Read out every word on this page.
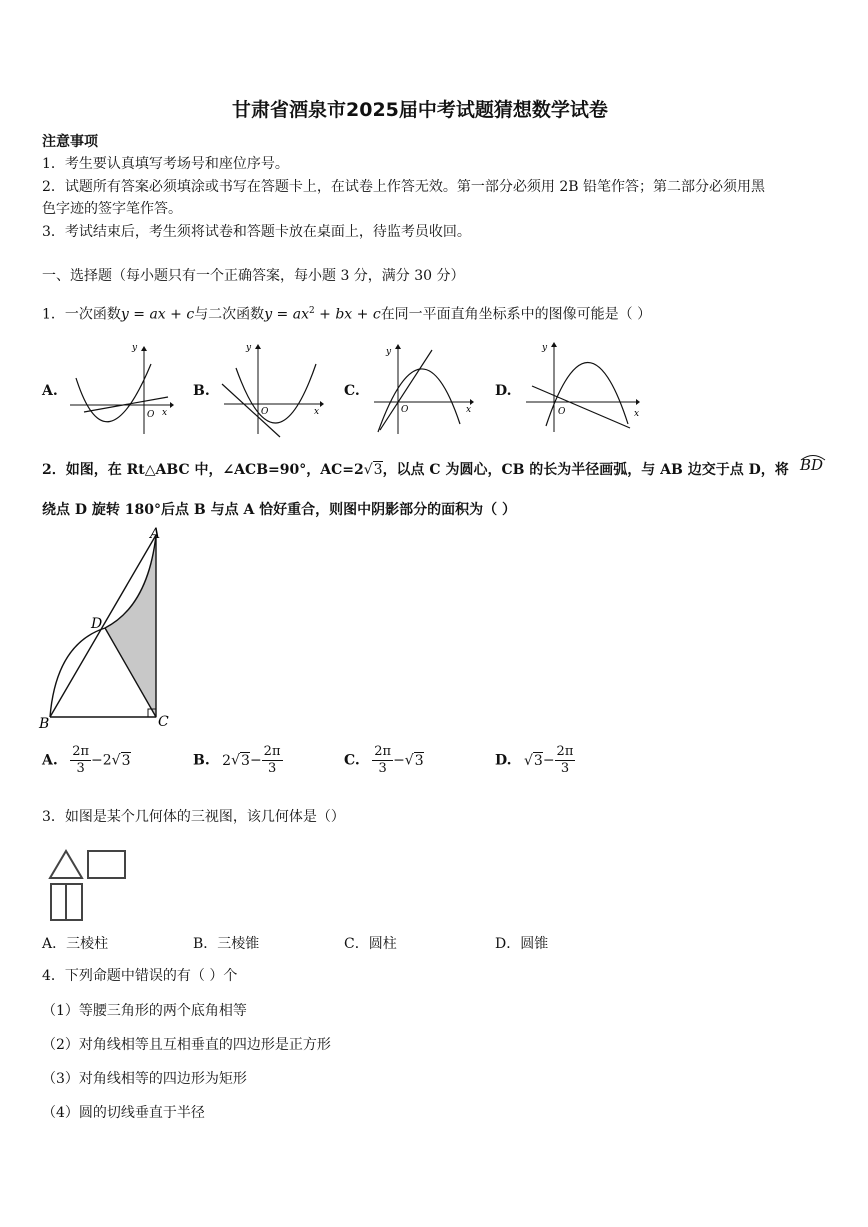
甘肃省酒泉市2025届中考试题猜想数学试卷
注意事项
1．考生要认真填写考场号和座位序号。
2．试题所有答案必须填涂或书写在答题卡上，在试卷上作答无效。第一部分必须用 2B 铅笔作答；第二部分必须用黑
色字迹的签字笔作答。
3．考试结束后，考生须将试卷和答题卡放在桌面上，待监考员收回。
一、选择题（每小题只有一个正确答案，每小题 3 分，满分 30 分）
1．一次函数y = ax + c与二次函数$y = ax^2$ + bx + c在同一平面直角坐标系中的图像可能是（ ）
A.	B.	C.	D.
y
x
O
y
x
O
y
x
O
y
x
O
2．如图，在 Rt△ABC 中，∠ACB=90°，AC=2√3，以点 C 为圆心，CB 的长为半径画弧，与 AB 边交于点 D，将 BD
绕点 D 旋转 180°后点 B 与点 A 恰好重合，则图中阴影部分的面积为（ ）
A
D
B	C
A. $\frac{2\pi}{3} -2√3$	B. $2√3- \frac{2\pi}{3}$	C. $\frac{2\pi}{3} -√3$	D. $√3- \frac{2\pi}{3}$
3．如图是某个几何体的三视图，该几何体是（）
A．三棱柱	B．三棱锥	C．圆柱	D．圆锥
4．下列命题中错误的有（ ）个
（1）等腰三角形的两个底角相等
（2）对角线相等且互相垂直的四边形是正方形
（3）对角线相等的四边形为矩形
（4）圆的切线垂直于半径
